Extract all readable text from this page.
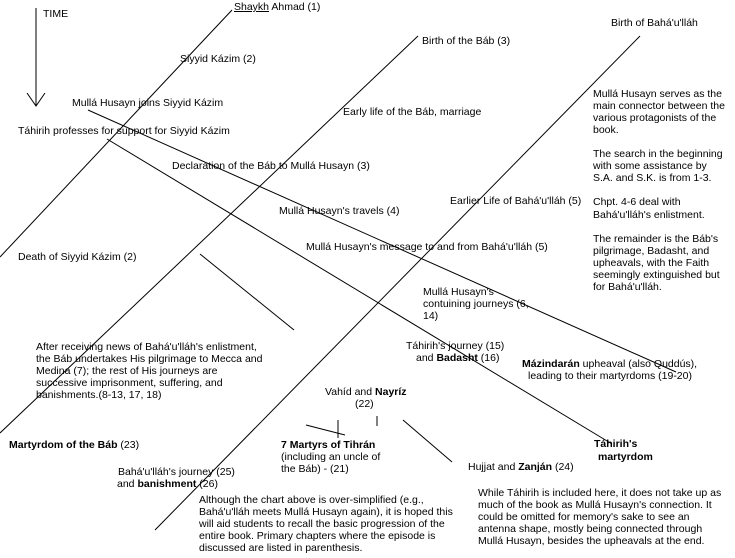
TIME
Shaykh Ahmad (1)
Siyyid Kázim (2)
Birth of Bahá'u'lláh
Birth of the Báb (3)
Mullá Husayn joins Siyyid Kázim
Early life of the Báb, marriage
Táhirih professes for support for Siyyid Kázim
Declaration of the Báb to Mullá Husayn (3)
Earlier Life of Bahá'u'lláh (5)
Mullá Husayn's travels (4)
Mullá Husayn's message to and from Bahá'u'lláh (5)
Death of Siyyid Kázim (2)
Mullá Husayn's contuining journeys (6, 14)
Táhirih's journey (15)
and Badasht (16) Mázindarán upheaval (also Quddús),
leading to their martyrdoms (19-20)
Vahíd and Nayríz
(22)
Martyrdom of the Báb (23)	7 Martyrs of Tihrán
(including an uncle of the Báb) - (21)
Táhirih's
martyrdom
Hujjat and Zanján (24)
Bahá'u'lláh's journey (25)
and banishment (26)

Mullá Husayn serves as the main connector between the various protagonists of the book.

The search in the beginning with some assistance by S.A. and S.K. is from 1-3.

Chpt. 4-6 deal with Bahá'u'lláh's enlistment.

The remainder is the Báb's pilgrimage, Badasht, and upheavals, with the Faith seemingly extinguished but for Bahá'u'lláh.

After receiving news of Bahá'u'lláh's enlistment, the Báb undertakes His pilgrimage to Mecca and Medina (7); the rest of His journeys are successive imprisonment, suffering, and banishments.(8-13, 17, 18)
Although the chart above is over-simplified (e.g., Bahá'u'lláh meets Mullá Husayn again), it is hoped this will aid students to recall the basic progression of the entire book. Primary chapters where the episode is discussed are listed in parenthesis.
While Táhirih is included here, it does not take up as much of the book as Mullá Husayn's connection. It could be omitted for memory's sake to see an antenna shape, mostly being connected through Mullá Husayn, besides the upheavals at the end.
